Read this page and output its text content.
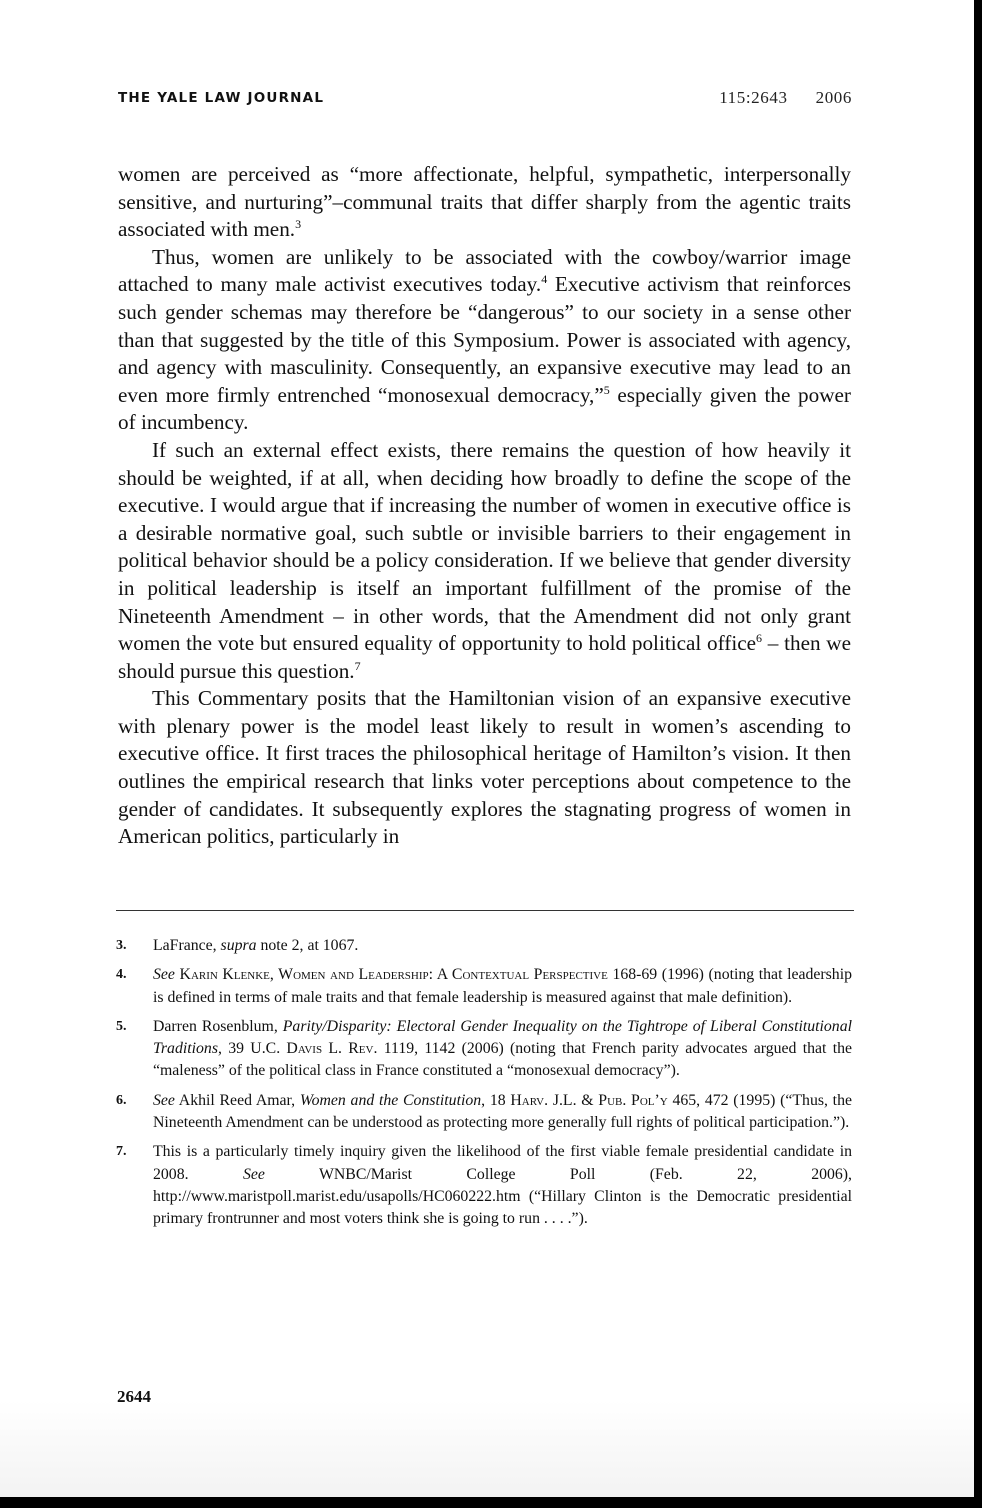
THE YALE LAW JOURNAL	115:2643 2006

women are perceived as “more affectionate, helpful, sympathetic, interpersonally sensitive, and nurturing”–communal traits that differ sharply from the agentic traits associated with men.$^3$

Thus, women are unlikely to be associated with the cowboy/warrior image attached to many male activist executives today.$^4$ Executive activism that reinforces such gender schemas may therefore be “dangerous” to our society in a sense other than that suggested by the title of this Symposium. Power is associated with agency, and agency with masculinity. Consequently, an expansive executive may lead to an even more firmly entrenched “monosexual democracy,”$^5$ especially given the power of incumbency.

If such an external effect exists, there remains the question of how heavily it should be weighted, if at all, when deciding how broadly to define the scope of the executive. I would argue that if increasing the number of women in executive office is a desirable normative goal, such subtle or invisible barriers to their engagement in political behavior should be a policy consideration. If we believe that gender diversity in political leadership is itself an important fulfillment of the promise of the Nineteenth Amendment – in other words, that the Amendment did not only grant women the vote but ensured equality of opportunity to hold political office$^6$ – then we should pursue this question.$^7$

This Commentary posits that the Hamiltonian vision of an expansive executive with plenary power is the model least likely to result in women’s ascending to executive office. It first traces the philosophical heritage of Hamilton’s vision. It then outlines the empirical research that links voter perceptions about competence to the gender of candidates. It subsequently explores the stagnating progress of women in American politics, particularly in

3. LaFrance, supra note 2, at 1067.
4. See Karin Klenke, Women and Leadership: A Contextual Perspective 168-69 (1996) (noting that leadership is defined in terms of male traits and that female leadership is measured against that male definition).
5. Darren Rosenblum, Parity/Disparity: Electoral Gender Inequality on the Tightrope of Liberal Constitutional Traditions, 39 U.C. Davis L. Rev. 1119, 1142 (2006) (noting that French parity advocates argued that the “maleness” of the political class in France constituted a “monosexual democracy”).
6. See Akhil Reed Amar, Women and the Constitution, 18 Harv. J.L. & Pub. Pol’y 465, 472 (1995) (“Thus, the Nineteenth Amendment can be understood as protecting more generally full rights of political participation.”).
7. This is a particularly timely inquiry given the likelihood of the first viable female presidential candidate in 2008. See WNBC/Marist College Poll (Feb. 22, 2006), http://www.maristpoll.marist.edu/usapolls/HC060222.htm (“Hillary Clinton is the Democratic presidential primary frontrunner and most voters think she is going to run . . . .”).
2644
